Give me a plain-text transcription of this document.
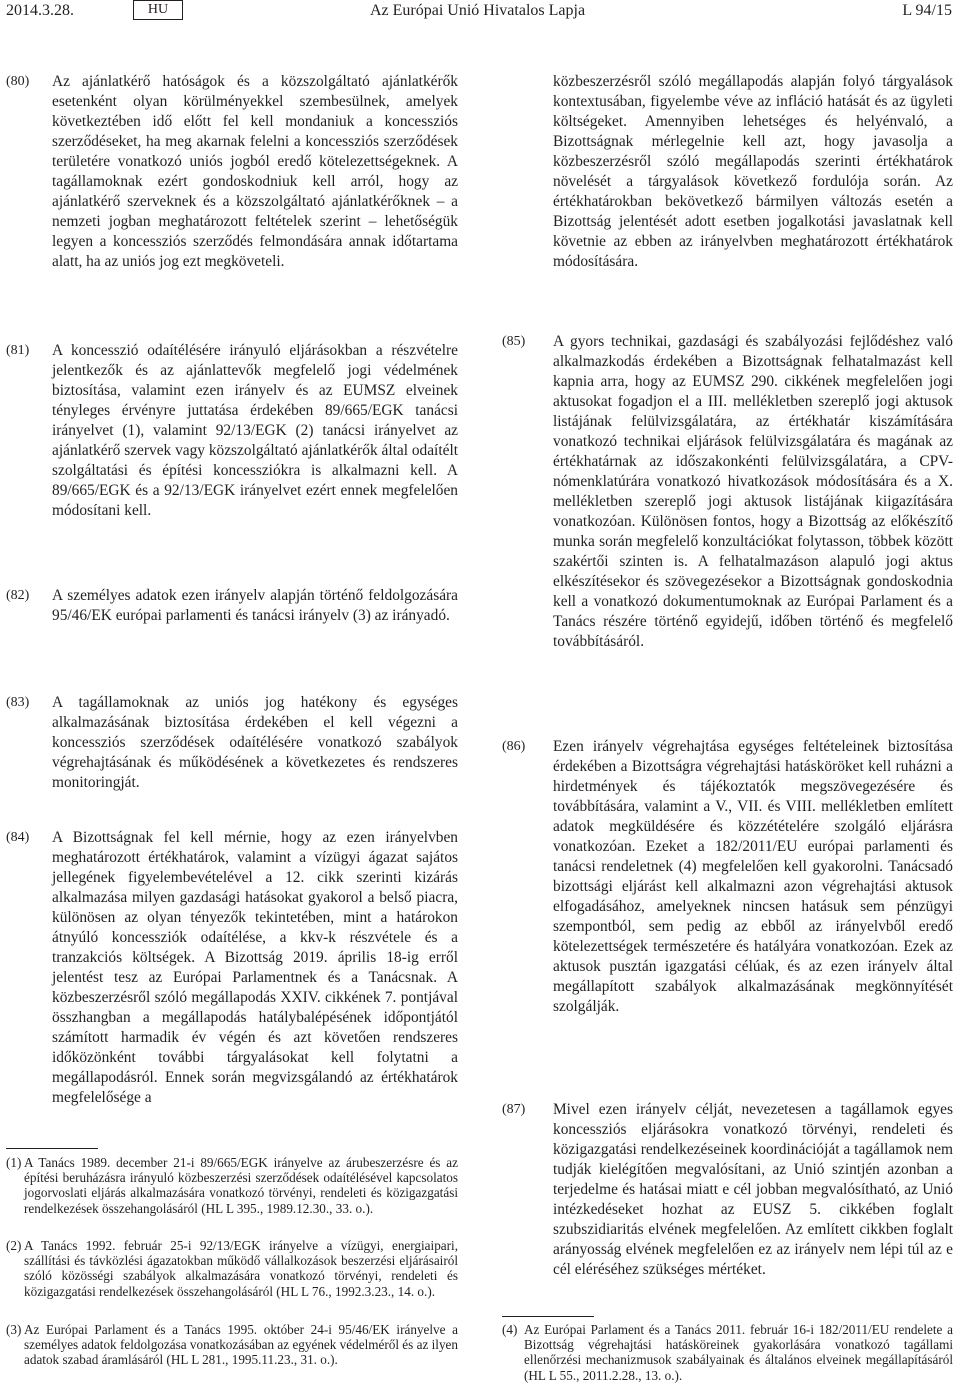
2014.3.28.	HU	Az Európai Unió Hivatalos Lapja	L 94/15
(80) Az ajánlatkérő hatóságok és a közszolgáltató ajánlatkérők esetenként olyan körülményekkel szembesülnek, amelyek következtében idő előtt fel kell mondaniuk a koncessziós szerződéseket, ha meg akarnak felelni a koncessziós szerződések területére vonatkozó uniós jogból eredő kötelezettségeknek. A tagállamoknak ezért gondoskodniuk kell arról, hogy az ajánlatkérő szerveknek és a közszolgáltató ajánlatkérőknek – a nemzeti jogban meghatározott feltételek szerint – lehetőségük legyen a koncessziós szerződés felmondására annak időtartama alatt, ha az uniós jog ezt megköveteli.
(81) A koncesszió odaítélésére irányuló eljárásokban a részvételre jelentkezők és az ajánlattevők megfelelő jogi védelmének biztosítása, valamint ezen irányelv és az EUMSZ elveinek tényleges érvényre juttatása érdekében 89/665/EGK tanácsi irányelvet (1), valamint 92/13/EGK (2) tanácsi irányelvet az ajánlatkérő szervek vagy közszolgáltató ajánlatkérők által odaítélt szolgáltatási és építési koncessziókra is alkalmazni kell. A 89/665/EGK és a 92/13/EGK irányelvet ezért ennek megfelelően módosítani kell.
(82) A személyes adatok ezen irányelv alapján történő feldolgozására 95/46/EK európai parlamenti és tanácsi irányelv (3) az irányadó.
(83) A tagállamoknak az uniós jog hatékony és egységes alkalmazásának biztosítása érdekében el kell végezni a koncessziós szerződések odaítélésére vonatkozó szabályok végrehajtásának és működésének a következetes és rendszeres monitoringját.
(84) A Bizottságnak fel kell mérnie, hogy az ezen irányelvben meghatározott értékhatárok, valamint a vízügyi ágazat sajátos jellegének figyelembevételével a 12. cikk szerinti kizárás alkalmazása milyen gazdasági hatásokat gyakorol a belső piacra, különösen az olyan tényezők tekintetében, mint a határokon átnyúló koncessziók odaítélése, a kkv-k részvétele és a tranzakciós költségek. A Bizottság 2019. április 18-ig erről jelentést tesz az Európai Parlamentnek és a Tanácsnak. A közbeszerzésről szóló megállapodás XXIV. cikkének 7. pontjával összhangban a megállapodás hatálybalépésének időpontjától számított harmadik év végén és azt követően rendszeres időközönként további tárgyalásokat kell folytatni a megállapodásról. Ennek során megvizsgálandó az értékhatárok megfelelősége a
(1) A Tanács 1989. december 21-i 89/665/EGK irányelve az árubeszerzésre és az építési beruházásra irányuló közbeszerzési szerződések odaítélésével kapcsolatos jogorvoslati eljárás alkalmazására vonatkozó törvényi, rendeleti és közigazgatási rendelkezések összehangolásáról (HL L 395., 1989.12.30., 33. o.).
(2) A Tanács 1992. február 25-i 92/13/EGK irányelve a vízügyi, energiaipari, szállítási és távközlési ágazatokban működő vállalkozások beszerzési eljárásairól szóló közösségi szabályok alkalmazására vonatkozó törvényi, rendeleti és közigazgatási rendelkezések összehangolásáról (HL L 76., 1992.3.23., 14. o.).
(3) Az Európai Parlament és a Tanács 1995. október 24-i 95/46/EK irányelve a személyes adatok feldolgozása vonatkozásában az egyének védelméről és az ilyen adatok szabad áramlásáról (HL L 281., 1995.11.23., 31. o.).
közbeszerzésről szóló megállapodás alapján folyó tárgyalások kontextusában, figyelembe véve az infláció hatását és az ügyleti költségeket. Amennyiben lehetséges és helyénvaló, a Bizottságnak mérlegelnie kell azt, hogy javasolja a közbeszerzésről szóló megállapodás szerinti értékhatárok növelését a tárgyalások következő fordulója során. Az értékhatárokban bekövetkező bármilyen változás esetén a Bizottság jelentését adott esetben jogalkotási javaslatnak kell követnie az ebben az irányelvben meghatározott értékhatárok módosítására.
(85) A gyors technikai, gazdasági és szabályozási fejlődéshez való alkalmazkodás érdekében a Bizottságnak felhatalmazást kell kapnia arra, hogy az EUMSZ 290. cikkének megfelelően jogi aktusokat fogadjon el a III. mellékletben szereplő jogi aktusok listájának felülvizsgálatára, az értékhatár kiszámítására vonatkozó technikai eljárások felülvizsgálatára és magának az értékhatárnak az időszakonkénti felülvizsgálatára, a CPV-nómenklatúrára vonatkozó hivatkozások módosítására és a X. mellékletben szereplő jogi aktusok listájának kiigazítására vonatkozóan. Különösen fontos, hogy a Bizottság az előkészítő munka során megfelelő konzultációkat folytasson, többek között szakértői szinten is. A felhatalmazáson alapuló jogi aktus elkészítésekor és szövegezésekor a Bizottságnak gondoskodnia kell a vonatkozó dokumentumoknak az Európai Parlament és a Tanács részére történő egyidejű, időben történő és megfelelő továbbításáról.
(86) Ezen irányelv végrehajtása egységes feltételeinek biztosítása érdekében a Bizottságra végrehajtási hatásköröket kell ruházni a hirdetmények és tájékoztatók megszövegezésére és továbbítására, valamint a V., VII. és VIII. mellékletben említett adatok megküldésére és közzétételére szolgáló eljárásra vonatkozóan. Ezeket a 182/2011/EU európai parlamenti és tanácsi rendeletnek (4) megfelelően kell gyakorolni. Tanácsadó bizottsági eljárást kell alkalmazni azon végrehajtási aktusok elfogadásához, amelyeknek nincsen hatásuk sem pénzügyi szempontból, sem pedig az ebből az irányelvből eredő kötelezettségek természetére és hatályára vonatkozóan. Ezek az aktusok pusztán igazgatási célúak, és az ezen irányelv által megállapított szabályok alkalmazásának megkönnyítését szolgálják.
(87) Mivel ezen irányelv célját, nevezetesen a tagállamok egyes koncessziós eljárásokra vonatkozó törvényi, rendeleti és közigazgatási rendelkezéseinek koordinációját a tagállamok nem tudják kielégítően megvalósítani, az Unió szintjén azonban a terjedelme és hatásai miatt e cél jobban megvalósítható, az Unió intézkedéseket hozhat az EUSZ 5. cikkében foglalt szubszidiaritás elvének megfelelően. Az említett cikkben foglalt arányosság elvének megfelelően ez az irányelv nem lépi túl az e cél eléréséhez szükséges mértéket.
(4) Az Európai Parlament és a Tanács 2011. február 16-i 182/2011/EU rendelete a Bizottság végrehajtási hatásköreinek gyakorlására vonatkozó tagállami ellenőrzési mechanizmusok szabályainak és általános elveinek megállapításáról (HL L 55., 2011.2.28., 13. o.).
